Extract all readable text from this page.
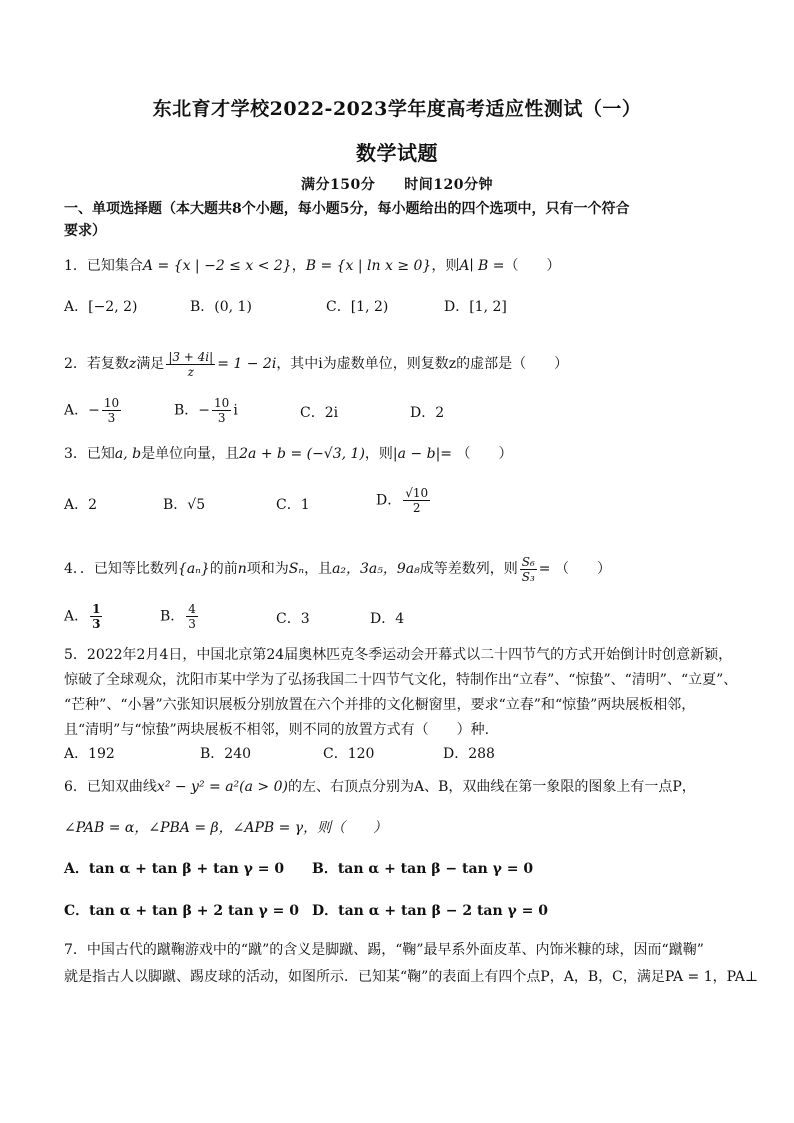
东北育才学校2022-2023学年度高考适应性测试（一）
数学试题
满分150分　　时间120分钟
一、单项选择题（本大题共8个小题，每小题5分，每小题给出的四个选项中，只有一个符合
要求）
1．已知集合A = {x | −2 ≤ x < 2}，B = {x | ln x ≥ 0}，则A∣ B =（　　）
A．[−2, 2)	B．(0, 1)	C．[1, 2)	D．[1, 2]
2．若复数z满足 $\frac{|3 + 4i|}{z} = 1 - 2i$，其中i为虚数单位，则复数z的虚部是（　　）
A．− $\frac{10}{3}$	B．− $\frac{10}{3}$ i	C．2i	D．2
3．已知a, b是单位向量，且2a + b = (−√3, 1)，则|a − b|= （　　）
A．2	B．√5	C．1	D． $\frac{√10}{2}$
4．．已知等比数列{aₙ}的前n项和为Sₙ，且a₂，3a₅，9a₈成等差数列，则 $\frac{\text{S₆}}{\text{S₃}}$ = （　　）
A． $\frac{1}{3}$	B． $\frac{4}{3}$	C．3	D．4
5．2022年2月4日，中国北京第24届奥林匹克冬季运动会开幕式以二十四节气的方式开始倒计时创意新颖，
惊破了全球观众，沈阳市某中学为了弘扬我国二十四节气文化，特制作出“立春”、“惊蛰”、“清明”、“立夏”、
“芒种”、“小暑”六张知识展板分别放置在六个并排的文化橱窗里，要求“立春”和“惊蛰”两块展板相邻，
且“清明”与“惊蛰”两块展板不相邻，则不同的放置方式有（　　）种.
A．192	B．240	C．120	D．288
6．已知双曲线x² − y² = a²(a > 0)的左、右顶点分别为A、B，双曲线在第一象限的图象上有一点P，
∠PAB = α，∠PBA = β，∠APB = γ，则（　　）
A．tan α + tan β + tan γ = 0 B．tan α + tan β − tan γ = 0
C．tan α + tan β + 2 tan γ = 0 D．tan α + tan β − 2 tan γ = 0
7．中国古代的蹴鞠游戏中的“蹴”的含义是脚蹴、踢，“鞠”最早系外面皮革、内饰米糠的球，因而“蹴鞠”
就是指古人以脚蹴、踢皮球的活动，如图所示．已知某“鞠”的表面上有四个点P，A，B，C，满足PA = 1，PA⊥
